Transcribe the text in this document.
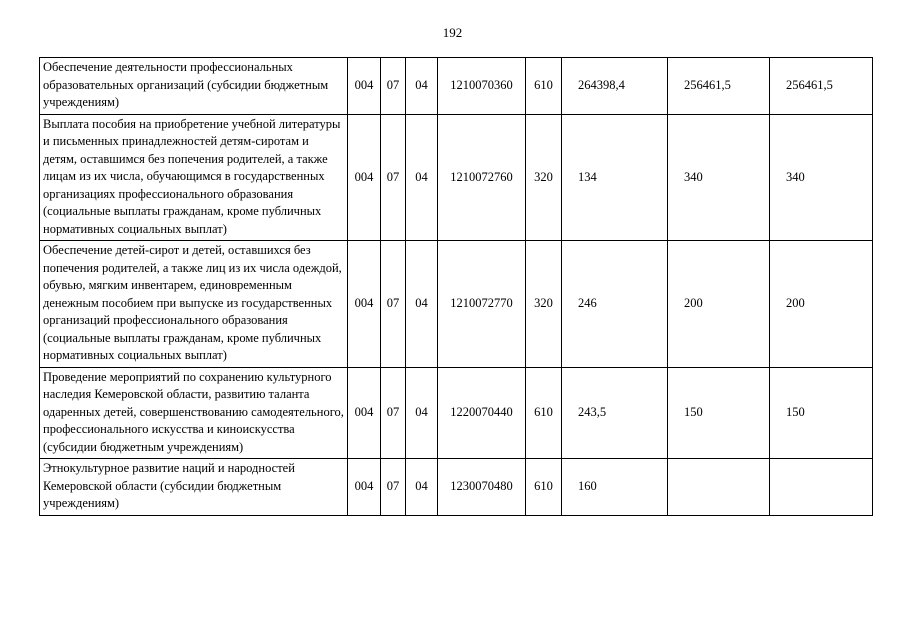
192
Обеспечение деятельности профессиональных образовательных организаций (субсидии бюджетным учреждениям)	004	07	04	1210070360	610	264398,4	256461,5	256461,5
Выплата пособия на приобретение учебной литературы и письменных принадлежностей детям-сиротам и детям, оставшимся без попечения родителей, а также лицам из их числа, обучающимся в государственных организациях профессионального образования (социальные выплаты гражданам, кроме публичных нормативных социальных выплат)	004	07	04	1210072760	320	134	340	340
Обеспечение детей-сирот и детей, оставшихся без попечения родителей, а также лиц из их числа одеждой, обувью, мягким инвентарем, единовременным денежным пособием при выпуске из государственных организаций профессионального образования (социальные выплаты гражданам, кроме публичных нормативных социальных выплат)	004	07	04	1210072770	320	246	200	200
Проведение мероприятий по сохранению культурного наследия Кемеровской области, развитию таланта одаренных детей, совершенствованию самодеятельного, профессионального искусства и киноискусства (субсидии бюджетным учреждениям)	004	07	04	1220070440	610	243,5	150	150
Этнокультурное развитие наций и народностей Кемеровской области (субсидии бюджетным учреждениям)	004	07	04	1230070480	610	160		
